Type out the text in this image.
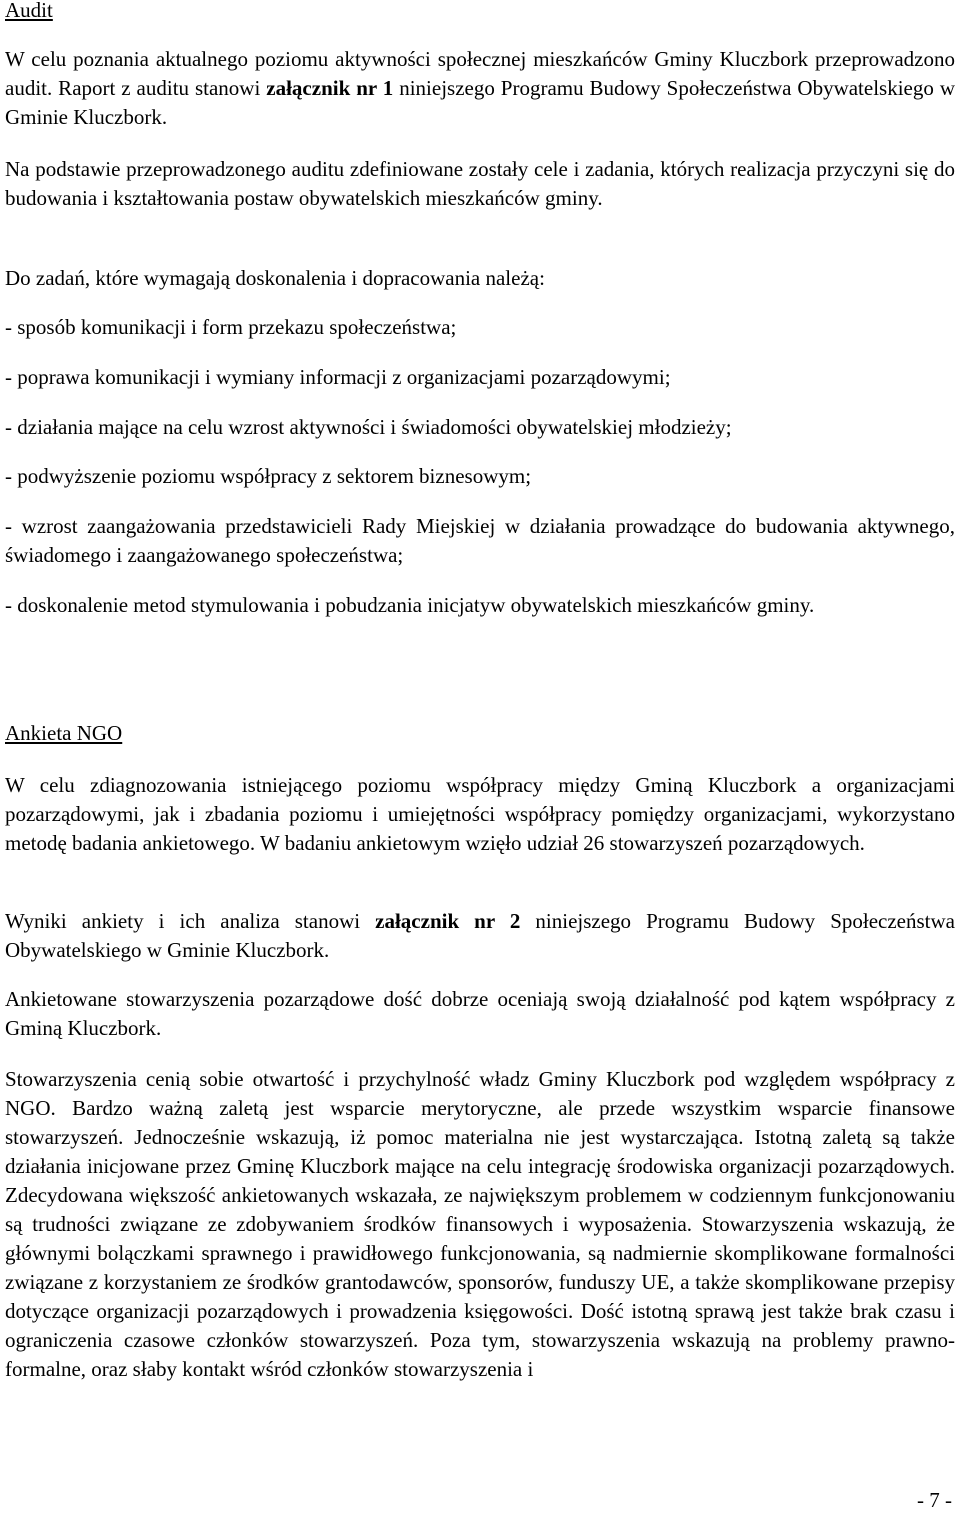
Audit

W celu poznania aktualnego poziomu aktywności społecznej mieszkańców Gminy Kluczbork przeprowadzono audit. Raport z auditu stanowi załącznik nr 1 niniejszego Programu Budowy Społeczeństwa Obywatelskiego w Gminie Kluczbork.

Na podstawie przeprowadzonego auditu zdefiniowane zostały cele i zadania, których realizacja przyczyni się do budowania i kształtowania postaw obywatelskich mieszkańców gminy.

Do zadań, które wymagają doskonalenia i dopracowania należą:

- sposób komunikacji i form przekazu społeczeństwa;

- poprawa komunikacji i wymiany informacji z organizacjami pozarządowymi;

- działania mające na celu wzrost aktywności i świadomości obywatelskiej młodzieży;

- podwyższenie poziomu współpracy z sektorem biznesowym;

- wzrost zaangażowania przedstawicieli Rady Miejskiej w działania prowadzące do budowania aktywnego, świadomego i zaangażowanego społeczeństwa;

- doskonalenie metod stymulowania i pobudzania inicjatyw obywatelskich mieszkańców gminy.

Ankieta NGO

W celu zdiagnozowania istniejącego poziomu współpracy między Gminą Kluczbork a organizacjami pozarządowymi, jak i zbadania poziomu i umiejętności współpracy pomiędzy organizacjami, wykorzystano metodę badania ankietowego. W badaniu ankietowym wzięło udział 26 stowarzyszeń pozarządowych.

Wyniki ankiety i ich analiza stanowi załącznik nr 2 niniejszego Programu Budowy Społeczeństwa Obywatelskiego w Gminie Kluczbork.

Ankietowane stowarzyszenia pozarządowe dość dobrze oceniają swoją działalność pod kątem współpracy z Gminą Kluczbork.

Stowarzyszenia cenią sobie otwartość i przychylność władz Gminy Kluczbork pod względem współpracy z NGO. Bardzo ważną zaletą jest wsparcie merytoryczne, ale przede wszystkim wsparcie finansowe stowarzyszeń. Jednocześnie wskazują, iż pomoc materialna nie jest wystarczająca. Istotną zaletą są także działania inicjowane przez Gminę Kluczbork mające na celu integrację środowiska organizacji pozarządowych. Zdecydowana większość ankietowanych wskazała, ze największym problemem w codziennym funkcjonowaniu są trudności związane ze zdobywaniem środków finansowych i wyposażenia. Stowarzyszenia wskazują, że głównymi bolączkami sprawnego i prawidłowego funkcjonowania, są nadmiernie skomplikowane formalności związane z korzystaniem ze środków grantodawców, sponsorów, funduszy UE, a także skomplikowane przepisy dotyczące organizacji pozarządowych i prowadzenia księgowości. Dość istotną sprawą jest także brak czasu i ograniczenia czasowe członków stowarzyszeń. Poza tym, stowarzyszenia wskazują na problemy prawno-formalne, oraz słaby kontakt wśród członków stowarzyszenia i

- 7 -
